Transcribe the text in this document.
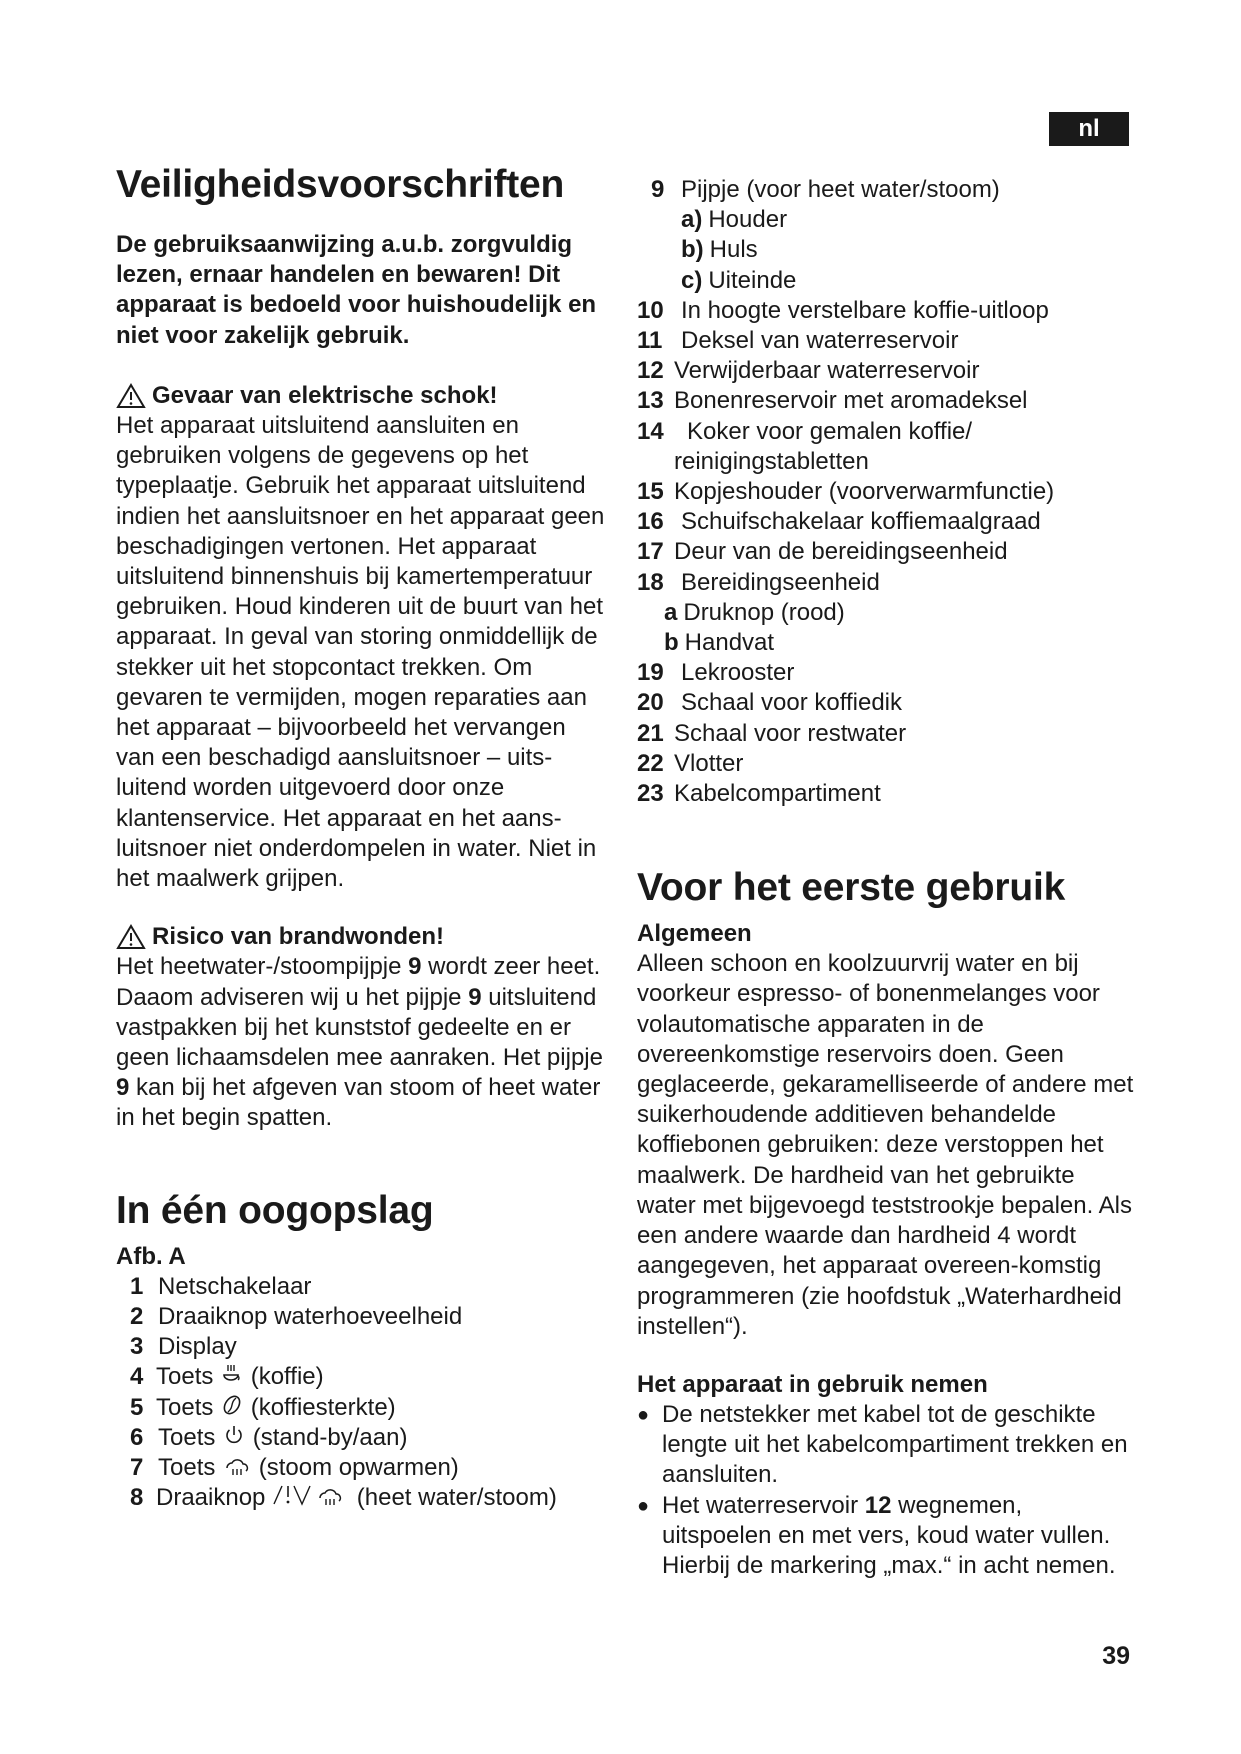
nl
Veiligheidsvoorschriften

De gebruiksaanwijzing a.u.b. zorgvuldig lezen, ernaar handelen en bewaren! Dit apparaat is bedoeld voor huishoudelijk en niet voor zakelijk gebruik.

Gevaar van elektrische schok!

Het apparaat uitsluitend aansluiten en gebruiken volgens de gegevens op het typeplaatje. Gebruik het apparaat uitsluitend indien het aansluitsnoer en het apparaat geen beschadigingen vertonen. Het apparaat uitsluitend binnenshuis bij kamertemperatuur gebruiken. Houd kinderen uit de buurt van het apparaat. In geval van storing onmiddellijk de stekker uit het stopcontact trekken. Om gevaren te vermijden, mogen reparaties aan het apparaat – bijvoorbeeld het vervangen van een beschadigd aansluitsnoer – uits-luitend worden uitgevoerd door onze klantenservice. Het apparaat en het aans-luitsnoer niet onderdompelen in water. Niet in het maalwerk grijpen.

Risico van brandwonden!

Het heetwater-/stoompijpje 9 wordt zeer heet. Daaom adviseren wij u het pijpje 9 uitsluitend vastpakken bij het kunststof gedeelte en er geen lichaamsdelen mee aanraken. Het pijpje 9 kan bij het afgeven van stoom of heet water in het begin spatten.

In één oogopslag
Afb. A
1 Netschakelaar
2 Draaiknop waterhoeveelheid
3 Display
4 Toets

(koffie)
5 Toets

(koffiesterkte)
6 Toets

(stand-by/aan)
7 Toets

(stoom opwarmen)
8 Draaiknop

	(heet water/stoom)
9 Pijpje (voor heet water/stoom)
a) Houder
b) Huls
c) Uiteinde
10 In hoogte verstelbare koffie-uitloop
11 Deksel van waterreservoir
12 Verwijderbaar waterreservoir
13 Bonenreservoir met aromadeksel
14 Koker voor gemalen koffie/
reinigingstabletten
15 Kopjeshouder (voorverwarmfunctie)
16 Schuifschakelaar koffiemaalgraad
17 Deur van de bereidingseenheid
18 Bereidingseenheid
a Druknop (rood)
b Handvat
19 Lekrooster
20 Schaal voor koffiedik
21 Schaal voor restwater
22 Vlotter
23 Kabelcompartiment
Voor het eerste gebruik
Algemeen

Alleen schoon en koolzuurvrij water en bij voorkeur espresso- of bonenmelanges voor volautomatische apparaten in de overeenkomstige reservoirs doen. Geen geglaceerde, gekaramelliseerde of andere met suikerhoudende additieven behandelde koffiebonen gebruiken: deze verstoppen het maalwerk. De hardheid van het gebruikte water met bijgevoegd teststrookje bepalen. Als een andere waarde dan hardheid 4 wordt aangegeven, het apparaat overeen-komstig programmeren (zie hoofdstuk „Waterhardheid instellen“).

Het apparaat in gebruik nemen
● De netstekker met kabel tot de geschikte lengte uit het kabelcompartiment trekken en aansluiten.
● Het waterreservoir 12 wegnemen, uitspoelen en met vers, koud water vullen. Hierbij de markering „max.“ in acht nemen.
39
